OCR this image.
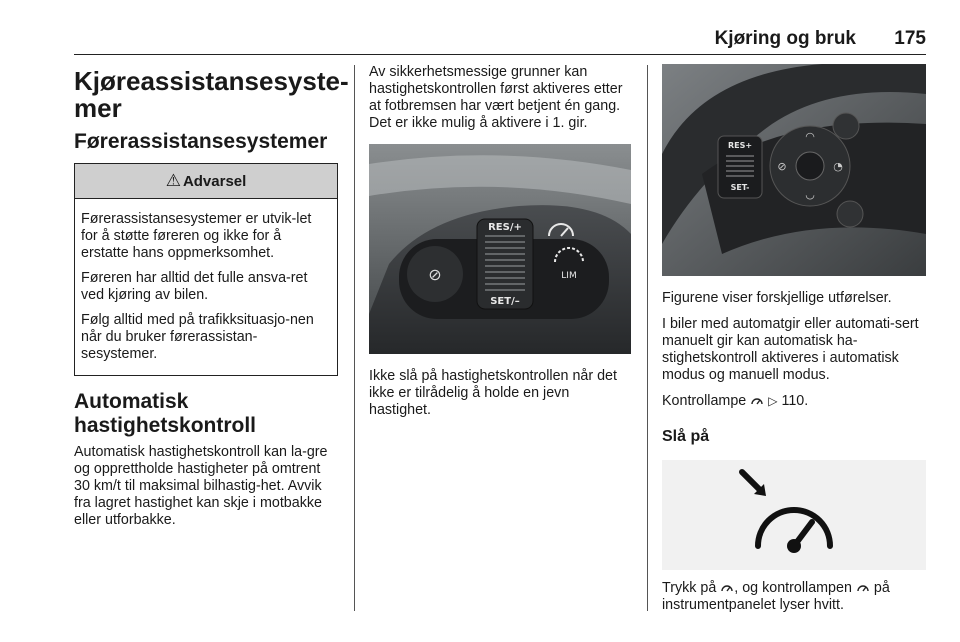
Kjøring og bruk 175
Kjøreassistansesyste-
mer
Førerassistansesystemer
⚠ Advarsel

Førerassistansesystemer er utvik-let for å støtte føreren og ikke for å erstatte hans oppmerksomhet.

Føreren har alltid det fulle ansva-ret ved kjøring av bilen.

Følg alltid med på trafikksituasjo-nen når du bruker førerassistan-sesystemer.

Automatisk
hastighetskontroll

Automatisk hastighetskontroll kan la-gre og opprettholde hastigheter på omtrent 30 km/t til maksimal bilhastig-het. Avvik fra lagret hastighet kan skje i motbakke eller utforbakke.

Av sikkerhetsmessige grunner kan hastighetskontrollen først aktiveres etter at fotbremsen har vært betjent én gang. Det er ikke mulig å aktivere i 1. gir.

⊘
RES/+
SET/–
LIM

Ikke slå på hastighetskontrollen når det ikke er tilrådelig å holde en jevn hastighet.

RES+
SET-
⊘	◔
◠
◡

Figurene viser forskjellige utførelser.

I biler med automatgir eller automati-sert manuelt gir kan automatisk ha-stighetskontroll aktiveres i automatisk modus og manuell modus.

Kontrollampe ▷ 110.

Slå på

Trykk på , og kontrollampen på instrumentpanelet lyser hvitt.
